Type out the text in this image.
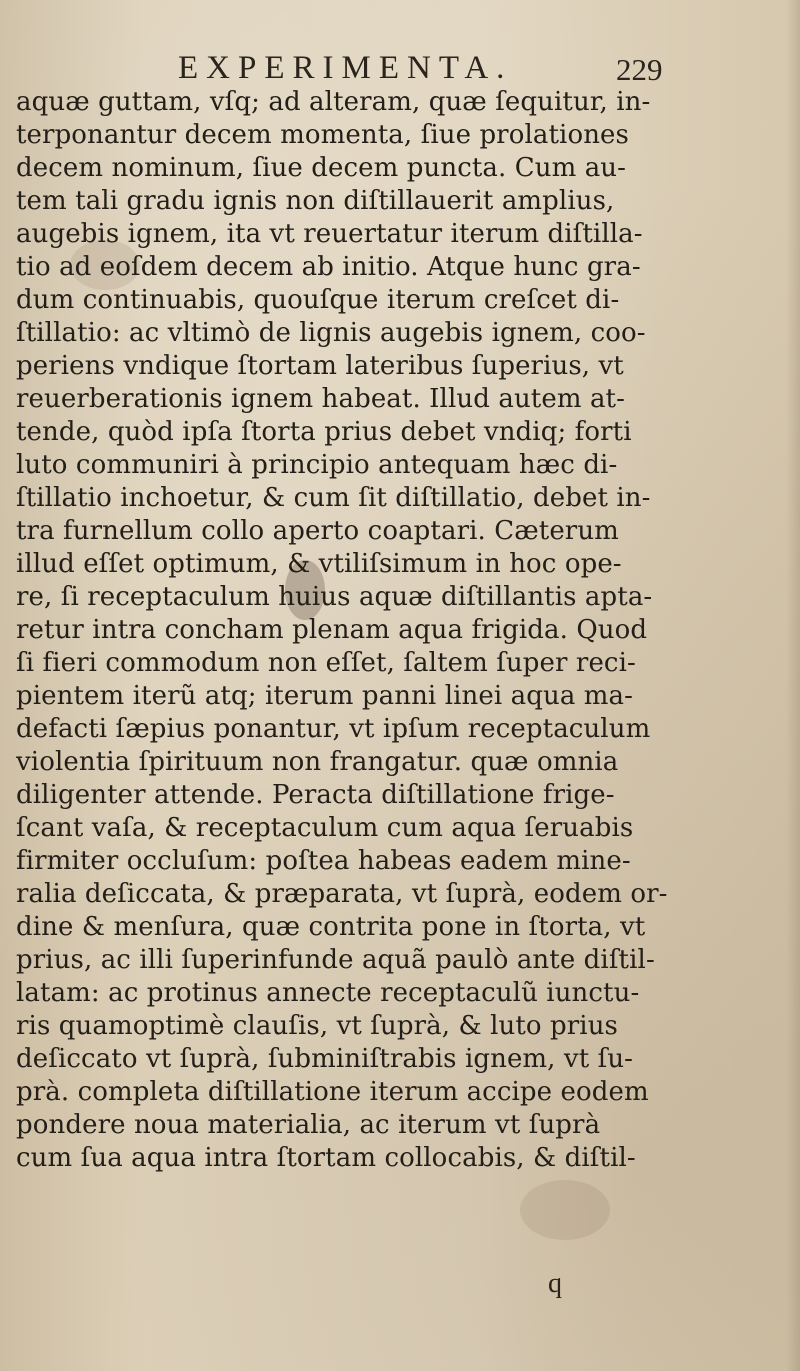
EXPERIMENTA.	229
aquæ guttam, vſq; ad alteram, quæ ſequitur, in-
terponantur decem momenta, ſiue prolationes
decem nominum, ſiue decem puncta. Cum au-
tem tali gradu ignis non diſtillauerit amplius,
augebis ignem, ita vt reuertatur iterum diſtilla-
tio ad eoſdem decem ab initio. Atque hunc gra-
dum continuabis, quouſque iterum creſcet di-
ſtillatio: ac vltimò de lignis augebis ignem, coo-
periens vndique ſtortam lateribus ſuperius, vt
reuerberationis ignem habeat. Illud autem at-
tende, quòd ipſa ſtorta prius debet vndiq; forti
luto communiri à principio antequam hæc di-
ſtillatio inchoetur, & cum ſit diſtillatio, debet in-
tra furnellum collo aperto coaptari. Cæterum
illud eſſet optimum, & vtiliſsimum in hoc ope-
re, ſi receptaculum huius aquæ diſtillantis apta-
retur intra concham plenam aqua frigida. Quod
ſi fieri commodum non eſſet, ſaltem ſuper reci-
pientem iterũ atq; iterum panni linei aqua ma-
defacti ſæpius ponantur, vt ipſum receptaculum
violentia ſpirituum non frangatur. quæ omnia
diligenter attende. Peracta diſtillatione frige-
ſcant vaſa, & receptaculum cum aqua ſeruabis
firmiter occluſum: poſtea habeas eadem mine-
ralia deſiccata, & præparata, vt ſuprà, eodem or-
dine & menſura, quæ contrita pone in ſtorta, vt
prius, ac illi ſuperinfunde aquã paulò ante diſtil-
latam: ac protinus annecte receptaculũ iunctu-
ris quamoptimè clauſis, vt ſuprà, & luto prius
deſiccato vt ſuprà, ſubminiſtrabis ignem, vt ſu-
prà. completa diſtillatione iterum accipe eodem
pondere noua materialia, ac iterum vt ſuprà
cum ſua aqua intra ſtortam collocabis, & diſtil-
q
